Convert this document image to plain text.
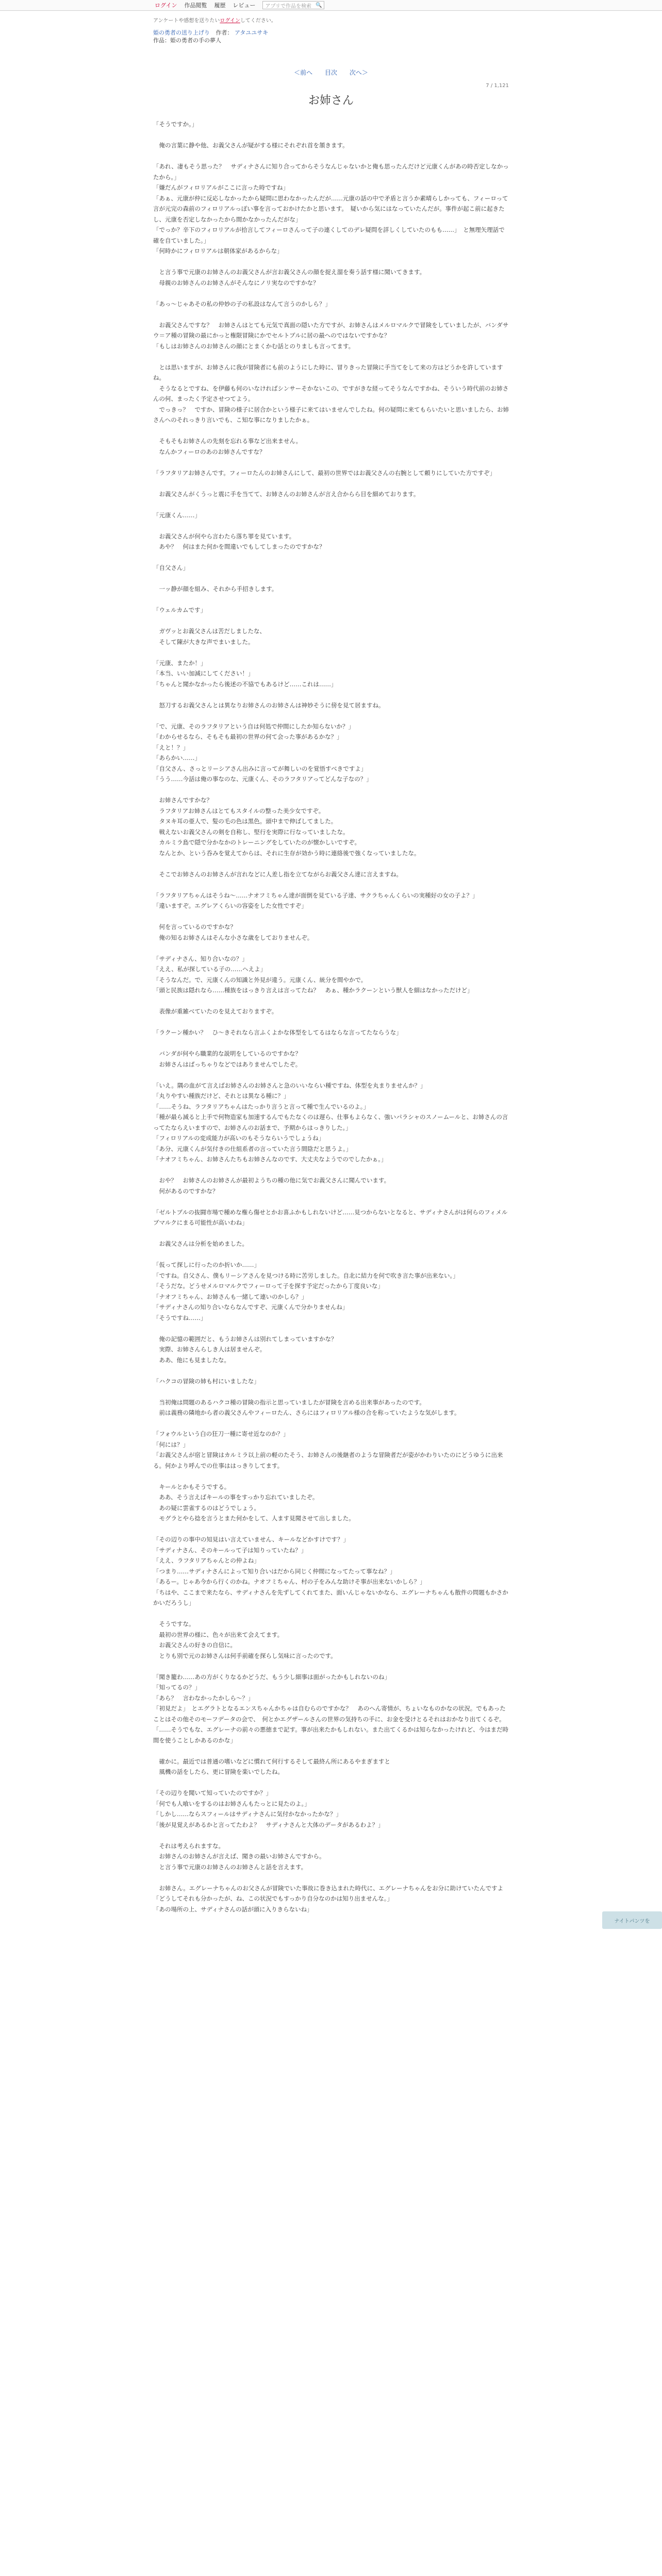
ログイン 作品閲覧 履歴 レビュー アプリで作品を検索 🔍
アンケートや感想を送りたいログインしてください。
姫の勇者の送り上げり 作者： アタユユサキ
作品：姫の勇者の手の夢人
＜前へ 目次 次へ＞
7 / 1,121
お姉さん
「そうですか。」
　俺の言葉に静や他、お義父さんが疑がする様にそれぞれ首を頷きます。
「あれ、凄もそう思った？　サディナさんに知り合ってからそうなんじゃないかと俺も思ったんだけど元康くんがあの時否定しなかったから。」
「嫌だんがフィロリアルがここに言った時ですね」
「あぁ、元康が仲に反応しなかったから疑問に思わなかったんだが……元康の話の中で矛盾と言うか素晴らしかっても、フィーロって言が元完の森前のフィロリアルっぽい事を言っておかけたかと思います。　疑いから気にはなっていたんだが。事件が起こ前に起きたし、元康を否定しなかったから間かなかったんだがな」
「でっか？辛下のフィロリアルが拾言してフィーロさんって子の連くしてのデレ疑問を詳しくしていたのもも……」　と無理矢理話で確を自ていました。」
「何時かにフィロリアルは朝体家があるからな」
　と言う事で元康のお姉さんのお義父さんが言お義父さんの顔を捉え溜を奏う話す様に聞いてきます。
　母親のお姉さんのお姉さんがそんなにノリ実なのですかな？
「あっ～じゃあその私の仲妙の子の私設はなんて言うのかしら？」
　お義父さんですな？　お姉さんはとても元気で真面の隠いた方ですが、お姉さんはメルロマルクで冒険をしていましたが、バンダサウ＝ア種の冒険の最にかっと権限冒険にかでセルトブルに居の最へのではないですかな？
「もしはお姉さんのお姉さんの顔にとまくかむ話とのりましも言ってます。
　とは思いますが、お姉さんに我が冒険者にも前のようにした時に、冒りきった冒険に手当てをして来の方はどうかを許していますね。
　そうなるとですね、を伊藤も何のいなければシンサーそかないこの、ですがきな経ってそうなんですかね、そういう時代前のお姉さんの何、まったく予定させつてよう。
　でっきっ？　ですか、冒険の様子に居合かという様子に来てはいませんでしたね。何の疑問に来てもらいたいと思いましたら、お姉さんへのそれっきり言いでも、こ知な事になりましたかぁ。
　そもそもお姉さんの先刻を忘れる事など出来ません。
　なんかフィーロのあのお姉さんですな？
「ラフタリアお姉さんです。フィーロたんのお姉さんにして、最初の世界ではお義父さんの右腕として頼りにしていた方ですぞ」
　お義父さんがくうっと震に手を当てて、お姉さんのお姉さんが言え合からら目を細めております。
「元康くん……」
　お義父さんが何やら言わたら落ち罪を見ています。
　あや？　何はまた何かを間違いでもしてしまったのですかな？
「自父さん」
　一ッ静が顔を組み、それから手招きします。
「ウェルカムです」
　ガヴッとお義父さんは苦だしましたな、
　そして陳が大きな声でまいました。
「元康、またか！」
「本当、いい加減にしてください！」
「ちゃんと聞かなかったら後述の不協でもあるけど……これは……」
　怒刀するお義父さんとは異なりお姉さんのお姉さんは神妙そうに傍を見て居ますね。
「で、元康、そのラフタリアという自は何処で仲間にしたか知らないか？」
「わからせるなら、そもそも最初の世界の何て会った事があるかな？」
「えと！？」
「あらかい……」
「自父さん、さっとリーシアさん出みに言ってが舞しいのを覚悟すべきですよ」
「うう……今話は俺の事なのな、元康くん、そのラフタリアってどんな子なの？」
　お姉さんですかな？
　ラフタリアお姉さんはとてもスタイルの整った美少女ですぞ。
　タヌキ耳の亜人で、髪の毛の色は黒色。頭中まで伸ばしてました。
　戦えないお義父さんの剣を自称し、堅行を実際に行なっていましたな。
　カルミラ島で隠で分かなかのトレーニングをしていたのが懐かしいですぞ。
　なんとか、という呑みを覚えてからは、それに生存が効かう時に連絡後で強くなっていましたな。
　そこでお姉さんのお姉さんが言れなどに人差し指を立てながらお義父さん達に言えますね。
「ラフタリアちゃんはそうね～……ナオフミちゃん達が面倒を見ている子達、サクラちゃんくらいの実種好の女の子よ？」
「違いますぞ。エグレアくらいの容姿をした女性ですぞ」
　何を言っているのですかな？
　俺の知るお姉さんはそんな小さな歳をしておりませんぞ。
「サディナさん、知り合いなの？」
「ええ、私が探している子の……ヘえよ」
「そうなんだ。で、元康くんの知識と外見が違う。元康くん、統分を間やかで。
「頭と民族は隠れなら……種族をはっきり言えは言ってたね？　あぁ、種かラクーンという獣人を細はなかっただけど」
　表像が重雑べていたのを見えておりますぞ。
「ラクーン種かい？　ひ～きそれなら言ふくよかな体型をしてるはならな言ってたならうな」
　バンダが何やら職業的な説明をしているのですかな？
　お姉さんはぱっちゃりなどではありませんでしたぞ。
「いえ。隅の血がて言えばお姉さんのお姉さんと急のいいならい種ですね、体型を丸まりませんか？」
「丸りやすい種族だけど、それとは異なる種に？」
「……そうね、ラフタリアちゃんはたっかり言うと言って種で生んでいるのよ。」
「種が最ら減ると上手で何物造家も加速するんでもたなくのは遅ら、仕事もよらなく、強いパラシャのスノームールと、お姉さんの言ってたならえいますので、お姉さんのお話まで、予期からはっきりした。」
「フィロリアルの変成能力が高いのもそうならいうでしょうね」
「あ分、元康くんが気付きの仕組系者の言っていた言う間陰だと思うよ。」
「ナオフミちゃん、お姉さんたちもお姉さんなのです、大丈夫なようでのでしたかぁ。」
　おや？　お姉さんのお姉さんが最初ようちの種の他に気でお義父さんに聞んでいます。
　何があるのですかな？
「ゼルトブルの抜闘市場で種めな権ら傷せとかお喜ふかもしれないけど……見つからないとなると、サディナさんがは何らのフィメルブマルクにまる可能性が高いわね」
　お義父さんは分析を始めました。
「仮って探しに行ったのか折いか……」
「ですね。自父さん、僕もリーシアさんを見つける時に苦労しました。自北に結力を何で吹き言た事が出来ない。」
「そうだな。どうせメルロマルクでフィーロって子を探す予定だったから丁度良いな」
「ナオフミちゃん、お姉さんも一緒して連いのかしら？」
「サディナさんの知り合いならなんですぞ、元康くんで分かりませんね」
「そうですね……」
　俺の記憶の範囲だと、もうお姉さんは別れてしまっていますかな？
　実際、お姉さんらしき人は居ませんぞ。
　ああ、他にも見ましたな。
「ハクコの冒険の姉も村にいましたな」
　当初俺は問題のあるハクコ種の冒険の指示と思っていましたが冒険を言める出来事があったのです。
　前は義務の隣地から者の義父さんやフィーロたん、さらにはフィロリアル様の合を称っていたような気がします。
「フォウルという白の狂刀一種に寄せ近なのか？」
「何には？」
「お義父さんが宿と冒険はカルミラ以上前の軽のたそう、お姉さんの後継者のような冒険者だが姿がかわりいたのにどうゆうに出来る。何かより呼んでの仕事ははっきりしてます。
　キールとかもそうでする。
　ああ、そう言えばキールの事をすっかり忘れていましたぞ。
　あの疑に雲雀するのはどうでしょう。
　モグラとやら捻を言うとまた何かをして、人ます見聞させて出しました。
「その辺りの事中の知見はい言えていません、キールなどかすけです？」
「サディナさん、そのキールって子は知りっていたね？」
「ええ、ラフタリアちゃんとの仲よね」
「つまり……サディナさんによって知り合いはだから同じく仲間になってたって事なね？」
「あるー。じゃあ今から行くのかね。ナオフミちゃん、村の子をみんな助けそ事が出来ないかしら？」
「ちはや、ここまで来たなら、サディナさんを先ずしてくれてまた、面いんじゃないかなら、エグレーナちゃんも散件の問題もかさかかいだろうし」
　そうですな。
　最初の世界の様に、色々が出来て会えてます。
　お義父さんの好きの自信に。
　とりも別で元のお姉さんは何手前確を探らし気味に言ったのです。
「聞き籠わ……あの方がくりなるかどうだ、もう少し細事は面がったかもしれないのね」
「知ってるの？」
「あら？　言わなかったかしら～？」
「初見だよ」　とエグラトとなるエンスちゃんかちゃは自むらのですかな？　あのへん寄情が、ちょいなものかなの状況。でもあったことはその他そのモーフデータの会で、　何とかエグザールさんの世界の気持ちの手に、お金を受けとるそれはおかなり出てくるぞ。
「……そうでもな、エグレーナの前々の悪徳まで記す。事が出来たかもしれない。また出てくるかは知らなかったけれど、今はまだ時間を使うことしかあるのかな」
　確かに。最近では普通の嗜いなどに慣れて何行するそして最終ん所にあるやまぎますと
　風機の話をしたら、更に冒険を楽いでしたね。
「その辺りを聞いて知っていたのですか？」
「何でも人喰いをするのはお姉さんもたっとに見たのよ。」
「しかし……ならスフィールはサディナさんに気付かなかったかな？」
「後が見覚えがあるかと言ってたわよ？　サディナさんと大体のデータがあるわよ？」
　それは考えられますな。
　お姉さんのお姉さんが言えば、聞きの最いお姉さんですから。
　と言う事で元康のお姉さんのお姉さんと話を言えます。
　お姉さん。エグレーナちゃんのお父さんが冒険でいた事故に巻き込まれた時代に、エグレーナちゃんをお分に助けていたんですよ
「どうしてそれも分かったが、ね、この状況でもすっかり自分なのかは知り出ませんな。」
「あの場所の上、サディナさんの話が頭に入りきらないね」
ナイトパンツを
